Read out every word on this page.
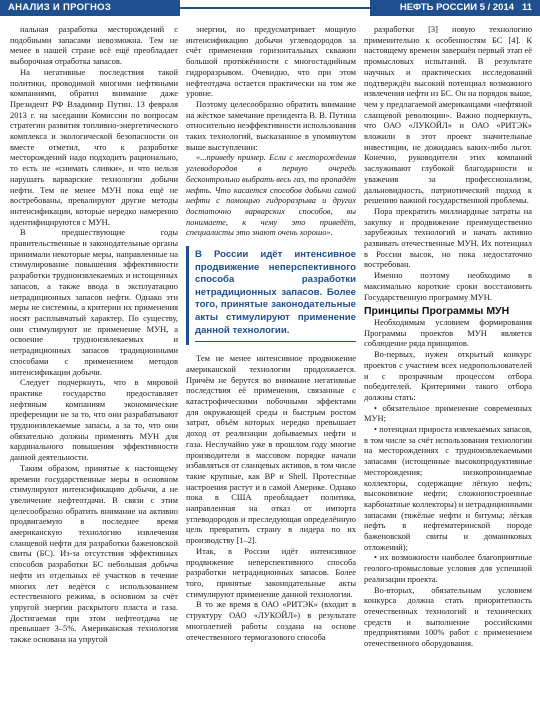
АНАЛИЗ И ПРОГНОЗ	НЕФТЬ РОССИИ 5 / 2014 11

нальная разработка месторождений с подобными запасами невозможна. Тем не менее в нашей стране всё ещё преобладает выборочная отработка запасов.

На негативные последствия такой политики, проводимой многими нефтяными компаниями, обратил внимание даже Президент РФ Владимир Путин. 13 февраля 2013 г. на заседании Комиссии по вопросам стратегии развития топливно-энергетического комплекса и экологической безопасности он вместе отметил, что к разработке месторождений надо подходить рационально, то есть не «снимать сливки», и что нельзя нарушать варварские технологии добычи нефти. Тем не менее МУН пока ещё не востребованы, превалируют другие методы интенсификации, которые нередко намеренно идентифицируются с МУН.

В предшествующие годы правительственные и законодательные органы принимали некоторые меры, направленные на стимулирование повышения эффективности разработки трудноизвлекаемых и истощенных запасов, а также ввода в эксплуатацию нетрадиционных запасов нефти. Однако эти меры не системны, а критерии их применения носят расплывчатый характер. По существу, они стимулируют не применение МУН, а освоение трудноизвлекаемых и нетрадиционных запасов традиционными способами с применением методов интенсификации добычи.

Следует подчеркнуть, что в мировой практике государство предоставляет нефтяным компаниям экономические преференции не за то, что они разрабатывают трудноизвлекаемые запасы, а за то, что они обязательно должны применять МУН для кардинального повышения эффективности данной деятельности.

Таким образом, принятые к настоящему времени государственные меры в основном стимулируют интенсификацию добычи, а не увеличение нефтеотдачи. В связи с этим целесообразно обратить внимание на активно продвигаемую в последнее время американскую технологию извлечения сланцевой нефти для разработки баженовской свиты (БС). Из-за отсутствия эффективных способов разработки БС небольшая добыча нефти из отдельных её участков в течение многих лет ведётся с использованием естественного режима, в основном за счёт упругой энергии раскрытого пласта и газа. Достигаемая при этом нефтеотдача не превышает 3–5%. Американская технология также основана на упругой

энергии, но предусматривает мощную интенсификацию добычи углеводородов за счёт применения горизонтальных скважин большой протяжённости с многостадийным гидроразрывом. Очевидно, что при этом нефтеотдача остается практически на том же уровне.

Поэтому целесообразно обратить внимание на жёсткое замечание президента В. В. Путина относительно неэффективности использования таких технологий, высказанное в упомянутом выше выступлении:

«...приведу пример. Если с месторождения углеводородов в первую очередь бесконтрольно выбрать весь газ, то пропадёт нефть. Что касается способов добычи самой нефти с помощью гидроразрыва и других достаточно варварских способов, вы понимаете, к чему это приведёт, специалисты это знают очень хорошо».

В России идёт интенсивное продвижение неперспективного способа разработки нетрадиционных запасов. Более того, принятые законодательные акты стимулируют применение данной технологии.

Тем не менее интенсивное продвижение американской технологии продолжается. Причём не берутся во внимание негативные последствия её применения, связанные с катастрофическими побочными эффектами для окружающей среды и быстрым ростом затрат, объём которых нередко превышает доход от реализации добываемых нефти и газа. Неслучайно уже в прошлом году многие производители в массовом порядке начали избавляться от сланцевых активов, в том числе такие крупные, как BP и Shell. Протестные настроения растут и в самой Америке. Однако пока в США преобладает политика, направленная на отказ от импорта углеводородов и преследующая определённую цель превратить страну в лидера по их производству [1–2].

Итак, в России идёт интенсивное продвижение неперспективного способа разработки нетрадиционных запасов. Более того, принятые законодательные акты стимулируют применение данной технологии.

В то же время в ОАО «РИТЭК» (входит в структуру ОАО «ЛУКОЙЛ») в результате многолетней работы создана на основе отечественного термогазового способа

разработки [3] новую технологию применительно к особенностям БС [4]. К настоящему времени завершён первый этап её промысловых испытаний. В результате научных и практических исследований подтверждён высокий потенциал возможного извлечения нефти из БС. Он на порядок выше, чем у предлагаемой американцами «нефтяной сланцевой революции». Важно подчеркнуть, что ОАО «ЛУКОЙЛ» и ОАО «РИТЭК» вложили в этот проект значительные инвестиции, не дожидаясь каких-либо льгот. Конечно, руководители этих компаний заслуживают глубокой благодарности и уважения за профессионализм, дальновидность, патриотический подход к решению важной государственной проблемы.

Пора прекратить миллиардные затраты на закупку и продвижение преимущественно зарубежных технологий и начать активно развивать отечественные МУН. Их потенциал в России высок, но пока недостаточно востребован.

Именно поэтому необходимо в максимально короткие сроки восстановить Государственную программу МУН.

Принципы Программы МУН

Необходимым условием формирования Программы проектов МУН является соблюдение ряда принципов.

Во-первых, нужен открытый конкурс проектов с участием всех недропользователей и с прозрачным процессом отбора победителей. Критериями такого отбора должны стать:

• обязательное применение современных МУН;

• потенциал прироста извлекаемых запасов, в том числе за счёт использования технологии на месторождениях с трудноизвлекаемыми запасами (истощенные высокопродуктивные месторождения; низкопроницаемые коллекторы, содержащие лёгкую нефть; высоковязкие нефти; сложнопостроенные карбонатные коллекторы) и нетрадиционными запасами (тяжёлые нефти и битумы; лёгкая нефть в нефтематеринской породе баженовской свиты и доманиковых отложений);

• их возможности наиболее благоприятные геолого-промысловые условия для успешной реализации проекта.

Во-вторых, обязательным условием конкурса должна стать приоритетность отечественных технологий и технических средств и выполнение российскими предприятиями 100% работ с применением отечественного оборудования.
